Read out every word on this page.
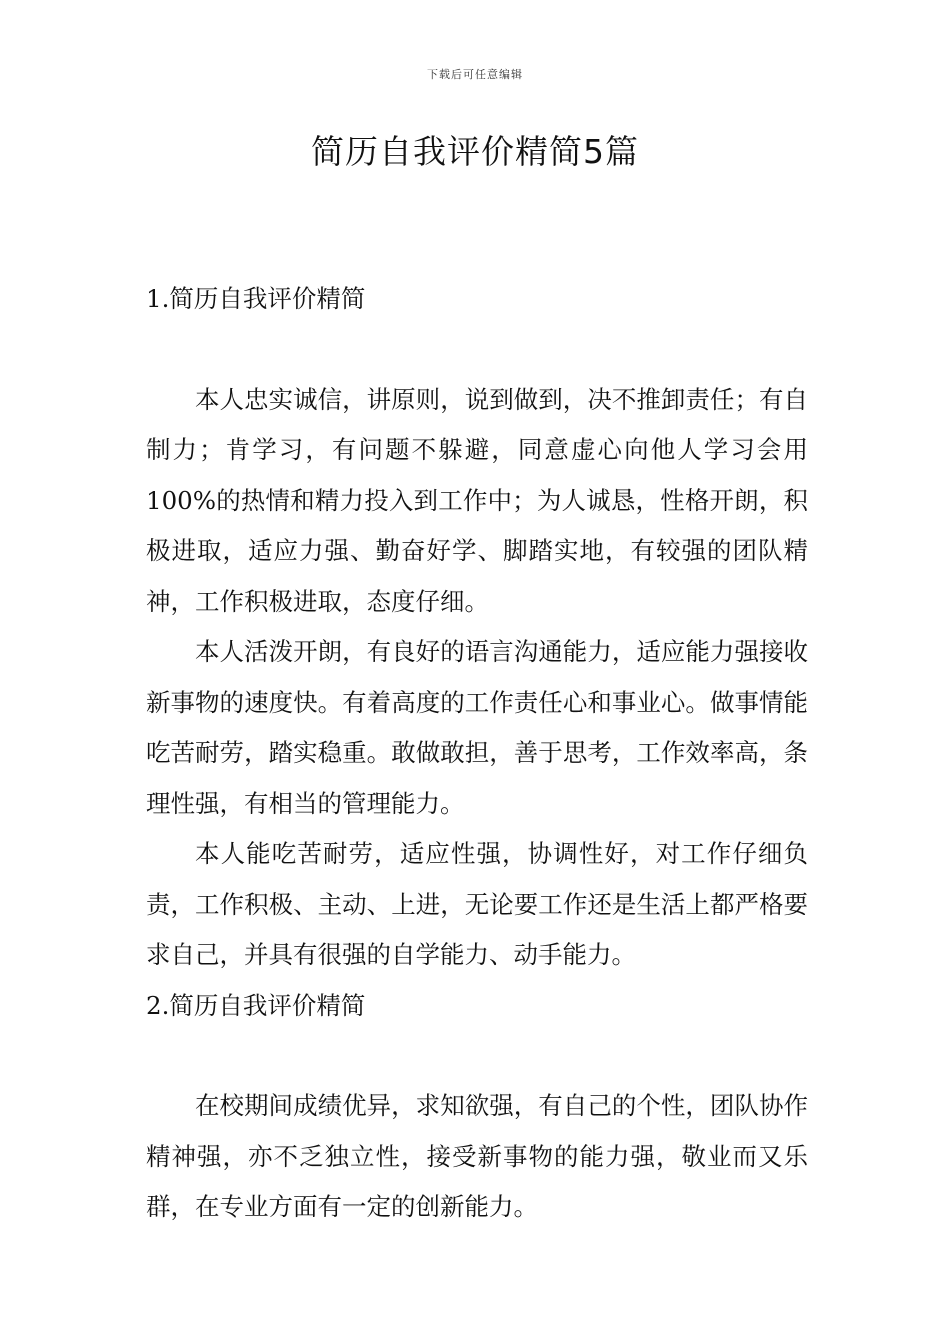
下载后可任意编辑
简历自我评价精简5篇
1.简历自我评价精简

本人忠实诚信，讲原则，说到做到，决不推卸责任；有自制力；肯学习，有问题不躲避，同意虚心向他人学习会用100%的热情和精力投入到工作中；为人诚恳，性格开朗，积极进取，适应力强、勤奋好学、脚踏实地，有较强的团队精神，工作积极进取，态度仔细。

本人活泼开朗，有良好的语言沟通能力，适应能力强接收新事物的速度快。有着高度的工作责任心和事业心。做事情能吃苦耐劳，踏实稳重。敢做敢担，善于思考，工作效率高，条理性强，有相当的管理能力。

本人能吃苦耐劳，适应性强，协调性好，对工作仔细负责，工作积极、主动、上进，无论要工作还是生活上都严格要求自己，并具有很强的自学能力、动手能力。

2.简历自我评价精简

在校期间成绩优异，求知欲强，有自己的个性，团队协作精神强，亦不乏独立性，接受新事物的能力强，敬业而又乐群，在专业方面有一定的创新能力。
